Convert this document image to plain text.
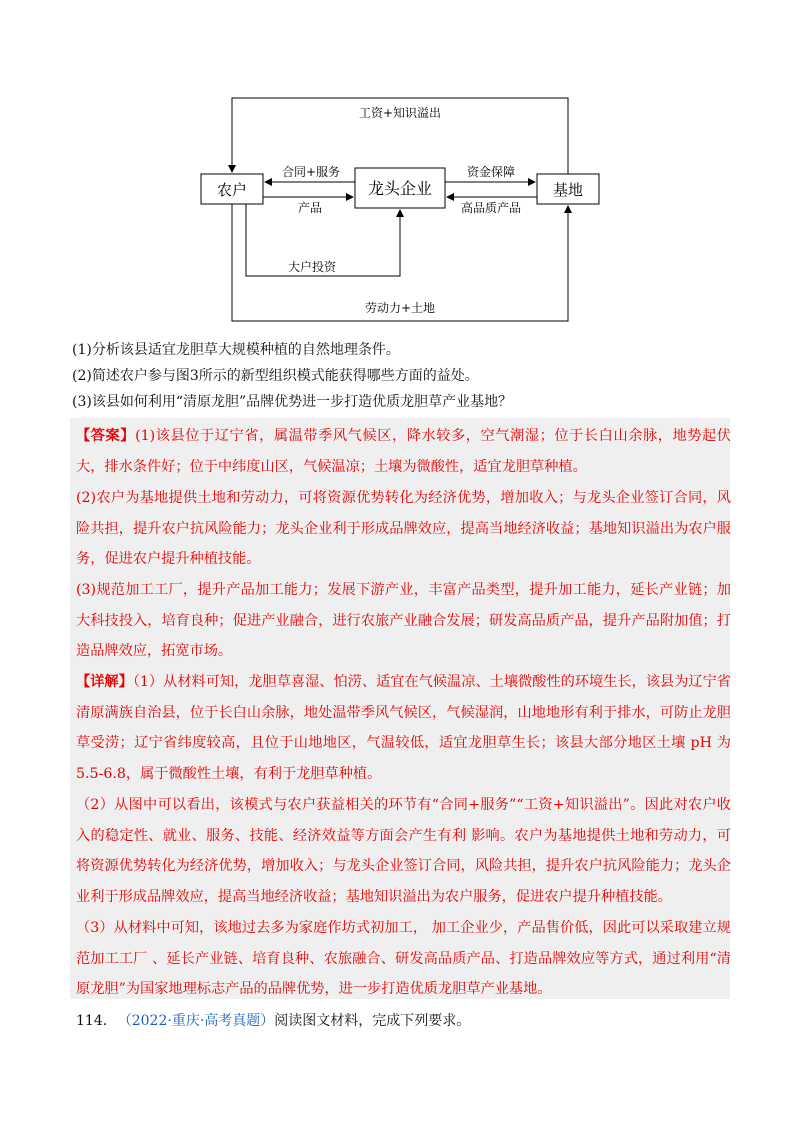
农户	龙头企业	基地
工资+知识溢出
合同+服务
产品
资金保障
高品质产品
大户投资
劳动力+土地
(1)分析该县适宜龙胆草大规模种植的自然地理条件。
(2)简述农户参与图3所示的新型组织模式能获得哪些方面的益处。
(3)该县如何利用“清原龙胆”品牌优势进一步打造优质龙胆草产业基地？
【答案】(1)该县位于辽宁省，属温带季风气候区，降水较多，空气潮湿；位于长白山余脉，地势起伏大，排水条件好；位于中纬度山区，气候温凉；土壤为微酸性，适宜龙胆草种植。
(2)农户为基地提供土地和劳动力，可将资源优势转化为经济优势，增加收入；与龙头企业签订合同，风险共担，提升农户抗风险能力；龙头企业利于形成品牌效应，提高当地经济收益；基地知识溢出为农户服务，促进农户提升种植技能。
(3)规范加工工厂，提升产品加工能力；发展下游产业，丰富产品类型，提升加工能力，延长产业链；加大科技投入，培育良种；促进产业融合，进行农旅产业融合发展；研发高品质产品，提升产品附加值；打造品牌效应，拓宽市场。
【详解】（1）从材料可知，龙胆草喜湿、怕涝、适宜在气候温凉、土壤微酸性的环境生长，该县为辽宁省清原满族自治县，位于长白山余脉，地处温带季风气候区，气候湿润，山地地形有利于排水，可防止龙胆草受涝；辽宁省纬度较高，且位于山地地区，气温较低，适宜龙胆草生长；该县大部分地区土壤 pH 为5.5-6.8，属于微酸性土壤，有利于龙胆草种植。
（2）从图中可以看出，该模式与农户获益相关的环节有“合同+服务”“工资+知识溢出”。因此对农户收入的稳定性、就业、服务、技能、经济效益等方面会产生有利 影响。农户为基地提供土地和劳动力，可将资源优势转化为经济优势，增加收入；与龙头企业签订合同，风险共担，提升农户抗风险能力；龙头企业利于形成品牌效应，提高当地经济收益；基地知识溢出为农户服务，促进农户提升种植技能。
（3）从材料中可知，该地过去多为家庭作坊式初加工， 加工企业少，产品售价低，因此可以采取建立规范加工工厂 、延长产业链、培育良种、农旅融合、研发高品质产品、打造品牌效应等方式，通过利用“清原龙胆”为国家地理标志产品的品牌优势，进一步打造优质龙胆草产业基地。
114． （2022·重庆·高考真题）阅读图文材料，完成下列要求。
